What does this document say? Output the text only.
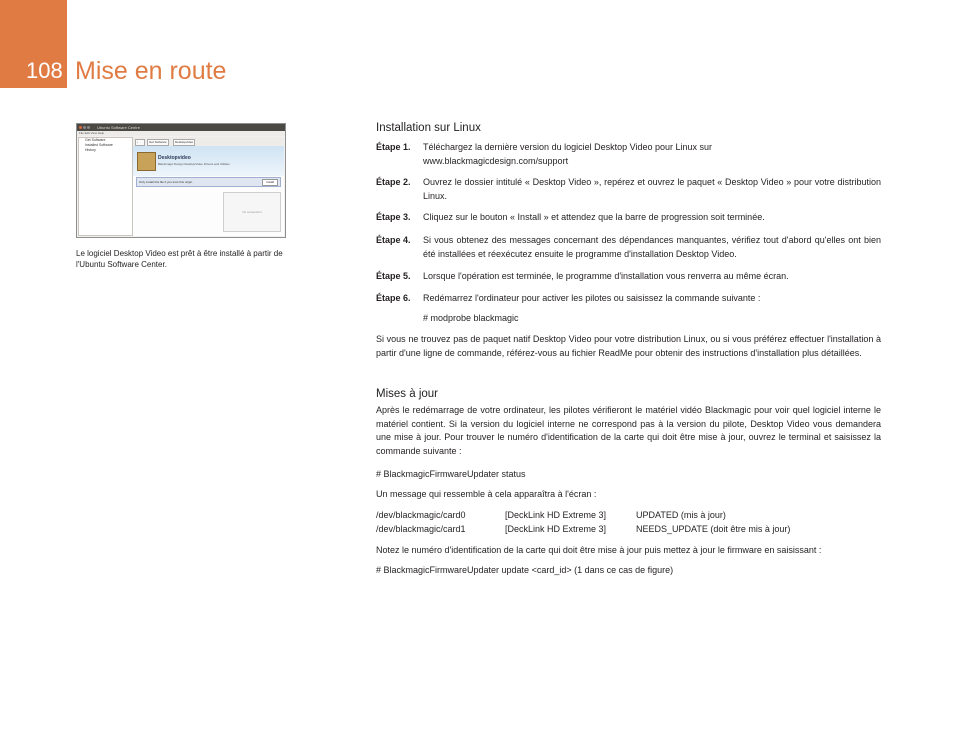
108 Mise en route
Ubuntu Software Centre
File Edit View Help
Get Software
Installed Software
History
‹	Get Software	Desktopvideo
Desktopvideo
Blackmagic Design DesktopVideo Drivers and Utilities
Only install this file if you trust this origin.	Install
No screenshot
Le logiciel Desktop Video est prêt à être installé à partir de l'Ubuntu Software Center.
Installation sur Linux
Étape 1. Téléchargez la dernière version du logiciel Desktop Video pour Linux sur www.blackmagicdesign.com/support
Étape 2. Ouvrez le dossier intitulé « Desktop Video », repérez et ouvrez le paquet « Desktop Video » pour votre distribution Linux.
Étape 3. Cliquez sur le bouton « Install » et attendez que la barre de progression soit terminée.
Étape 4. Si vous obtenez des messages concernant des dépendances manquantes, vérifiez tout d'abord qu'elles ont bien été installées et réexécutez ensuite le programme d'installation Desktop Video.
Étape 5. Lorsque l'opération est terminée, le programme d'installation vous renverra au même écran.
Étape 6. Redémarrez l'ordinateur pour activer les pilotes ou saisissez la commande suivante :
# modprobe blackmagic
Si vous ne trouvez pas de paquet natif Desktop Video pour votre distribution Linux, ou si vous préférez effectuer l'installation à partir d'une ligne de commande, référez-vous au fichier ReadMe pour obtenir des instructions d'installation plus détaillées.
Mises à jour
Après le redémarrage de votre ordinateur, les pilotes vérifieront le matériel vidéo Blackmagic pour voir quel logiciel interne le matériel contient. Si la version du logiciel interne ne correspond pas à la version du pilote, Desktop Video vous demandera une mise à jour. Pour trouver le numéro d'identification de la carte qui doit être mise à jour, ouvrez le terminal et saisissez la commande suivante :
# BlackmagicFirmwareUpdater status
Un message qui ressemble à cela apparaîtra à l'écran :
/dev/blackmagic/card0	[DeckLink HD Extreme 3]	UPDATED (mis à jour)
/dev/blackmagic/card1	[DeckLink HD Extreme 3]	NEEDS_UPDATE (doit être mis à jour)
Notez le numéro d'identification de la carte qui doit être mise à jour puis mettez à jour le firmware en saisissant :
# BlackmagicFirmwareUpdater update <card_id> (1 dans ce cas de figure)
